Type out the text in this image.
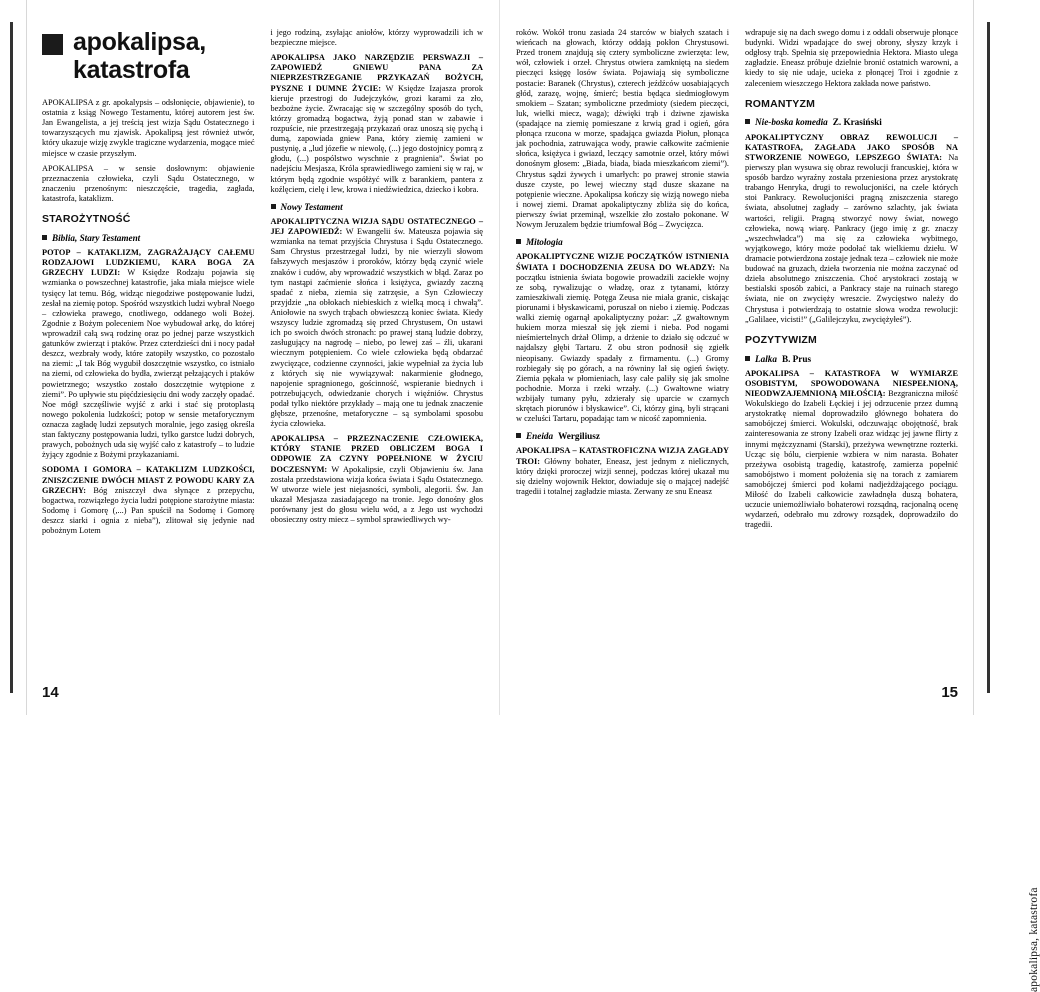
apokalipsa, katastrofa
apokalipsa, katastrofa

APOKALIPSA z gr. apokalypsis – odsłonięcie, objawienie), to ostatnia z ksiąg Nowego Testamentu, której autorem jest św. Jan Ewangelista, a jej treścią jest wizja Sądu Ostatecznego i towarzyszących mu zjawisk. Apokalipsą jest również utwór, który ukazuje wizję zwykle tragiczne wydarzenia, mogące mieć miejsce w czasie przyszłym.

APOKALIPSA – w sensie dosłownym: objawienie przeznaczenia człowieka, czyli Sądu Ostatecznego, w znaczeniu przenośnym: nieszczęście, tragedia, zagłada, katastrofa, kataklizm.

STAROŻYTNOŚĆ
Biblia, Stary Testament

POTOP – KATAKLIZM, ZAGRAŻAJĄCY CAŁEMU RODZAJOWI LUDZKIEMU, KARA BOGA ZA GRZECHY LUDZI: W Księdze Rodzaju pojawia się wzmianka o powszechnej katastrofie, jaka miała miejsce wiele tysięcy lat temu. Bóg, widząc niegodziwe postępowanie ludzi, zesłał na ziemię potop. Spośród wszystkich ludzi wybrał Noego – człowieka prawego, cnotliwego, oddanego woli Bożej. Zgodnie z Bożym poleceniem Noe wybudował arkę, do której wprowadził całą swą rodzinę oraz po jednej parze wszystkich gatunków zwierząt i ptaków. Przez czterdzieści dni i nocy padał deszcz, wezbrały wody, które zatopiły wszystko, co pozostało na ziemi: „I tak Bóg wygubił doszczętnie wszystko, co istniało na ziemi, od człowieka do bydła, zwierząt pełzających i ptaków powietrznego; wszystko zostało doszczętnie wytępione z ziemi”. Po upływie stu pięćdziesięciu dni wody zaczęły opadać. Noe mógł szczęśliwie wyjść z arki i stać się protoplastą nowego pokolenia ludzkości; potop w sensie metaforycznym oznacza zagładę ludzi zepsutych moralnie, jego zasięg określa stan faktyczny postępowania ludzi, tylko garstce ludzi dobrych, prawych, pobożnych uda się wyjść cało z katastrofy – to ludzie żyjący zgodnie z Bożymi przykazaniami.

SODOMA I GOMORA – KATAKLIZM LUDZKOŚCI, ZNISZCZENIE DWÓCH MIAST Z POWODU KARY ZA GRZECHY: Bóg zniszczył dwa słynące z przepychu, bogactwa, rozwiązłego życia ludzi potępione starożytne miasta: Sodomę i Gomorę (,...) Pan spuścił na Sodomę i Gomorę deszcz siarki i ognia z nieba”), zlitował się jedynie nad pobożnym Lotem

i jego rodziną, zsyłając aniołów, którzy wyprowadzili ich w bezpieczne miejsce.

APOKALIPSA JAKO NARZĘDZIE PERSWAZJI – ZAPOWIEDŹ GNIEWU PANA ZA NIEPRZESTRZEGANIE PRZYKAZAŃ BOŻYCH, PYSZNE I DUMNE ŻYCIE: W Księdze Izajasza prorok kieruje przestrogi do Judejczyków, grozi karami za zło, bezbożne życie. Zwracając się w szczególny sposób do tych, którzy gromadzą bogactwa, żyją ponad stan w zabawie i rozpuście, nie przestrzegają przykazań oraz unoszą się pychą i dumą, zapowiada gniew Pana, który ziemię zamieni w pustynię, a „lud józefie w niewolę, (...) jego dostojnicy pomrą z głodu, (...) pospólstwo wyschnie z pragnienia”. Świat po nadejściu Mesjasza, Króla sprawiedliwego zamieni się w raj, w którym będą zgodnie współżyć wilk z barankiem, pantera z koźlęciem, cielę i lew, krowa i niedźwiedzica, dziecko i kobra.

Nowy Testament

APOKALIPTYCZNA WIZJA SĄDU OSTATECZNEGO – JEJ ZAPOWIEDŹ: W Ewangelii św. Mateusza pojawia się wzmianka na temat przyjścia Chrystusa i Sądu Ostatecznego. Sam Chrystus przestrzegał ludzi, by nie wierzyli słowom fałszywych mesjaszów i proroków, którzy będą czynić wiele znaków i cudów, aby wprowadzić wszystkich w błąd. Zaraz po tym nastąpi zaćmienie słońca i księżyca, gwiazdy zaczną spadać z nieba, ziemia się zatrzęsie, a Syn Człowieczy przyjdzie „na obłokach niebieskich z wielką mocą i chwałą”. Aniołowie na swych trąbach obwieszczą koniec świata. Kiedy wszyscy ludzie zgromadzą się przed Chrystusem, On ustawi ich po swoich dwóch stronach: po prawej staną ludzie dobrzy, zasługujący na nagrodę – niebo, po lewej zaś – źli, ukarani wiecznym potępieniem. Co wiele człowieka będą obdarzać zwycięzące, codzienne czynności, jakie wypełniał za życia lub z których się nie wywiązywał: nakarmienie głodnego, napojenie spragnionego, gościnność, wspieranie biednych i potrzebujących, odwiedzanie chorych i więźniów. Chrystus podał tylko niektóre przykłady – mają one tu jednak znaczenie głębsze, przenośne, metaforyczne – są symbolami sposobu życia człowieka.

APOKALIPSA – PRZEZNACZENIE CZŁOWIEKA, KTÓRY STANIE PRZED OBLICZEM BOGA I ODPOWIE ZA CZYNY POPEŁNIONE W ŻYCIU DOCZESNYM: W Apokalipsie, czyli Objawieniu św. Jana została przedstawiona wizja końca świata i Sądu Ostatecznego. W utworze wiele jest niejasności, symboli, alegorii. Św. Jan ukazał Mesjasza zasiadającego na tronie. Jego donośny głos porównany jest do głosu wielu wód, a z Jego ust wychodzi obosieczny ostry miecz – symbol sprawiedliwych wy-

14

roków. Wokół tronu zasiada 24 starców w białych szatach i wieńcach na głowach, którzy oddają pokłon Chrystusowi. Przed tronem znajdują się cztery symboliczne zwierzęta: lew, wół, człowiek i orzeł. Chrystus otwiera zamkniętą na siedem pieczęci księgę losów świata. Pojawiają się symboliczne postacie: Baranek (Chrystus), czterech jeźdźców uosabiających głód, zarazę, wojnę, śmierć; bestia będąca siedmiogłowym smokiem – Szatan; symboliczne przedmioty (siedem pieczęci, luk, wielki miecz, waga); dźwięki trąb i dziwne zjawiska (spadające na ziemię pomieszane z krwią grad i ogień, góra płonąca rzucona w morze, spadająca gwiazda Piołun, płonąca jak pochodnia, zatruwająca wody, prawie całkowite zaćmienie słońca, księżyca i gwiazd, leczący samotnie orzeł, który mówi donośnym głosem: „Biada, biada, biada mieszkańcom ziemi”). Chrystus sądzi żywych i umarłych: po prawej stronie stawia dusze czyste, po lewej wieczny stąd dusze skazane na potępienie wieczne. Apokalipsa kończy się wizją nowego nieba i nowej ziemi. Dramat apokaliptyczny zbliża się do końca, pierwszy świat przeminął, wszelkie zło zostało pokonane. W Nowym Jeruzalem będzie triumfował Bóg – Zwycięzca.

Mitologia

APOKALIPTYCZNE WIZJE POCZĄTKÓW ISTNIENIA ŚWIATA I DOCHODZENIA ZEUSA DO WŁADZY: Na początku istnienia świata bogowie prowadzili zaciekłe wojny ze sobą, rywalizując o władzę, oraz z tytanami, którzy zamieszkiwali ziemię. Potęga Zeusa nie miała granic, ciskając piorunami i błyskawicami, poruszał on niebo i ziemię. Podczas walki ziemię ogarnął apokaliptyczny pożar: „Z gwałtownym hukiem morza mieszał się jęk ziemi i nieba. Pod nogami nieśmiertelnych drżał Olimp, a drżenie to działo się odczuć w najdalszy głębi Tartaru. Z obu stron podnosił się zgiełk nieopisany. Gwiazdy spadały z firmamentu. (...) Gromy rozbiegały się po górach, a na równiny lał się ogień święty. Ziemia pękała w płomieniach, lasy całe paliły się jak smolne pochodnie. Morza i rzeki wrzały. (...) Gwałtowne wiatry wzbijały tumany pyłu, zdzierały się uparcie w czarnych skrętach piorunów i błyskawice”. Ci, którzy giną, byli strącani w czeluści Tartaru, popadając tam w nicość zapomnienia.

Eneida Wergiliusz

APOKALIPSA – KATASTROFICZNA WIZJA ZAGŁADY TROI: Główny bohater, Eneasz, jest jednym z nielicznych, który dzięki proroczej wizji sennej, podczas której ukazał mu się dzielny wojownik Hektor, dowiaduje się o mającej nadejść tragedii i totalnej zagładzie miasta. Zerwany ze snu Eneasz

wdrapuje się na dach swego domu i z oddali obserwuje płonące budynki. Widzi wpadające do swej obrony, słyszy krzyk i odgłosy trąb. Spełnia się przepowiednia Hektora. Miasto ulega zagładzie. Eneasz próbuje dzielnie bronić ostatnich warowni, a kiedy to się nie udaje, ucieka z płonącej Troi i zgodnie z zaleceniem wieszczego Hektora zakłada nowe państwo.

ROMANTYZM
Nie-boska komedia Z. Krasiński

APOKALIPTYCZNY OBRAZ REWOLUCJI – KATASTROFA, ZAGŁADA JAKO SPOSÓB NA STWORZENIE NOWEGO, LEPSZEGO ŚWIATA: Na pierwszy plan wysuwa się obraz rewolucji francuskiej, która w sposób bardzo wyraźny została przeniesiona przez arystokratę trabango Henryka, drugi to rewolucjoniści, na czele których stoi Pankracy. Rewolucjoniści pragną zniszczenia starego świata, absolutnej zagłady – zarówno szlachty, jak świata wartości, religii. Pragną stworzyć nowy świat, nowego człowieka, nową wiarę. Pankracy (jego imię z gr. znaczy „wszechwładca”) ma się za człowieka wybitnego, wyjątkowego, który może podołać tak wielkiemu dziełu. W dramacie potwierdzona zostaje jednak teza – człowiek nie może budować na gruzach, dzieła tworzenia nie można zaczynać od dzieła absolutnego zniszczenia. Choć arystokraci zostają w bestialski sposób zabici, a Pankracy staje na ruinach starego świata, nie on zwycięży wreszcie. Zwycięstwo należy do Chrystusa i potwierdzają to ostatnie słowa wodza rewolucji: „Galilaee, vicisti!” („Galilejczyku, zwyciężyłeś”).

POZYTYWIZM
Lalka B. Prus

APOKALIPSA – KATASTROFA W WYMIARZE OSOBISTYM, SPOWODOWANA NIESPEŁNIONĄ, NIEODWZAJEMNIONĄ MIŁOŚCIĄ: Bezgraniczna miłość Wokulskiego do Izabeli Łęckiej i jej odrzucenie przez dumną arystokratkę niemal doprowadziło głównego bohatera do samobójczej śmierci. Wokulski, odczuwając obojętność, brak zainteresowania ze strony Izabeli oraz widząc jej jawne flirty z innymi mężczyznami (Starski), przeżywa wewnętrzne rozterki. Ucząc się bólu, cierpienie wzbiera w nim narasta. Bohater przeżywa osobistą tragedię, katastrofę, zamierza popełnić samobójstwo i moment położenia się na torach z zamiarem samobójczej śmierci pod kołami nadjeżdżającego pociągu. Miłość do Izabeli całkowicie zawładnęła duszą bohatera, uczucie uniemożliwiało bohaterowi rozsądną, racjonalną ocenę wydarzeń, odebrało mu zdrowy rozsądek, doprowadziło do tragedii.

15
